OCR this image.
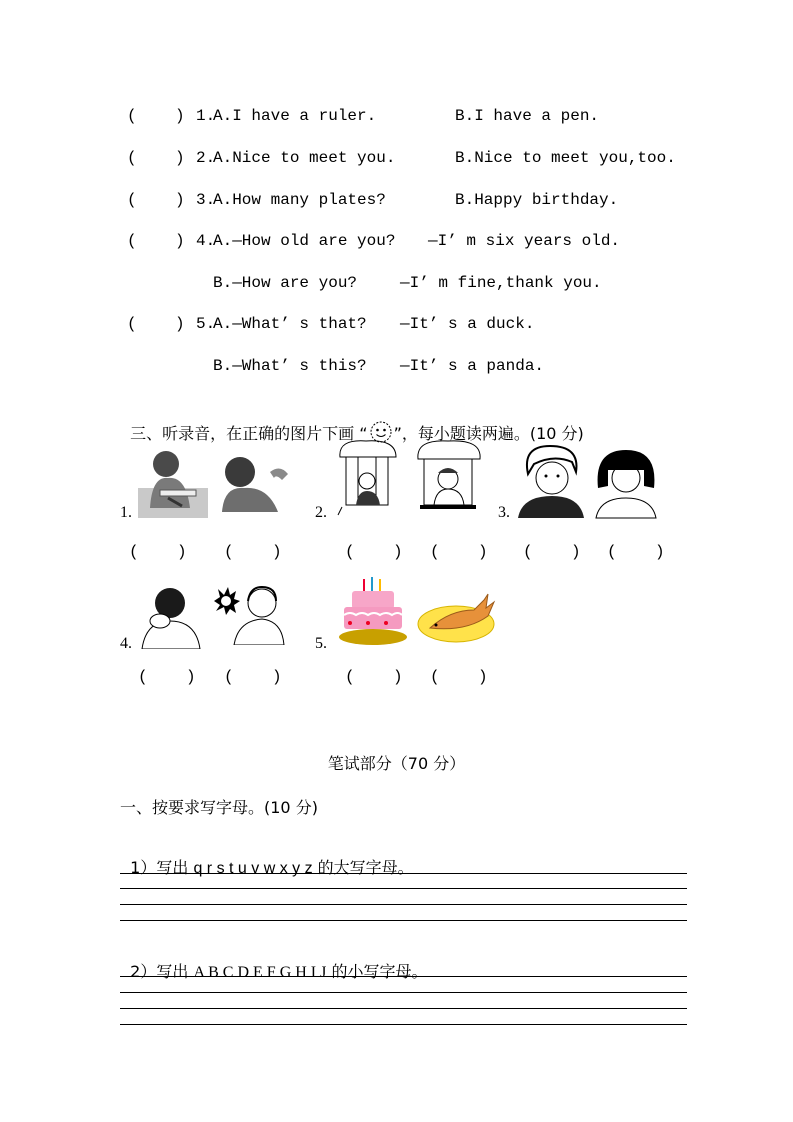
(    ) 1.
A.I have a ruler.	B.I have a pen.
(    ) 2.
A.Nice to meet you.	B.Nice to meet you,too.
(    ) 3.
A.How many plates?	B.Happy birthday.
(    ) 4.
A.—How old are you? —I’ m six years old.
B.—How are you?	—I’ m fine,thank you.
(    ) 5.
A.—What’ s that? —It’ s a duck.
B.—What’ s this? —It’ s a panda.

三、听录音，在正确的图片下画 “ ”，每小题读两遍。(10 分)

1.	2.	3.
(    ) (    )	(    ) (    ) (    ) (    )
4.	5.
(    ) (    )	(    ) (    )
笔试部分（70 分）
一、按要求写字母。(10 分)

1）写出 q r s t u v w x y z 的大写字母。

2）写出 A B C D E F G H I J 的小写字母。
